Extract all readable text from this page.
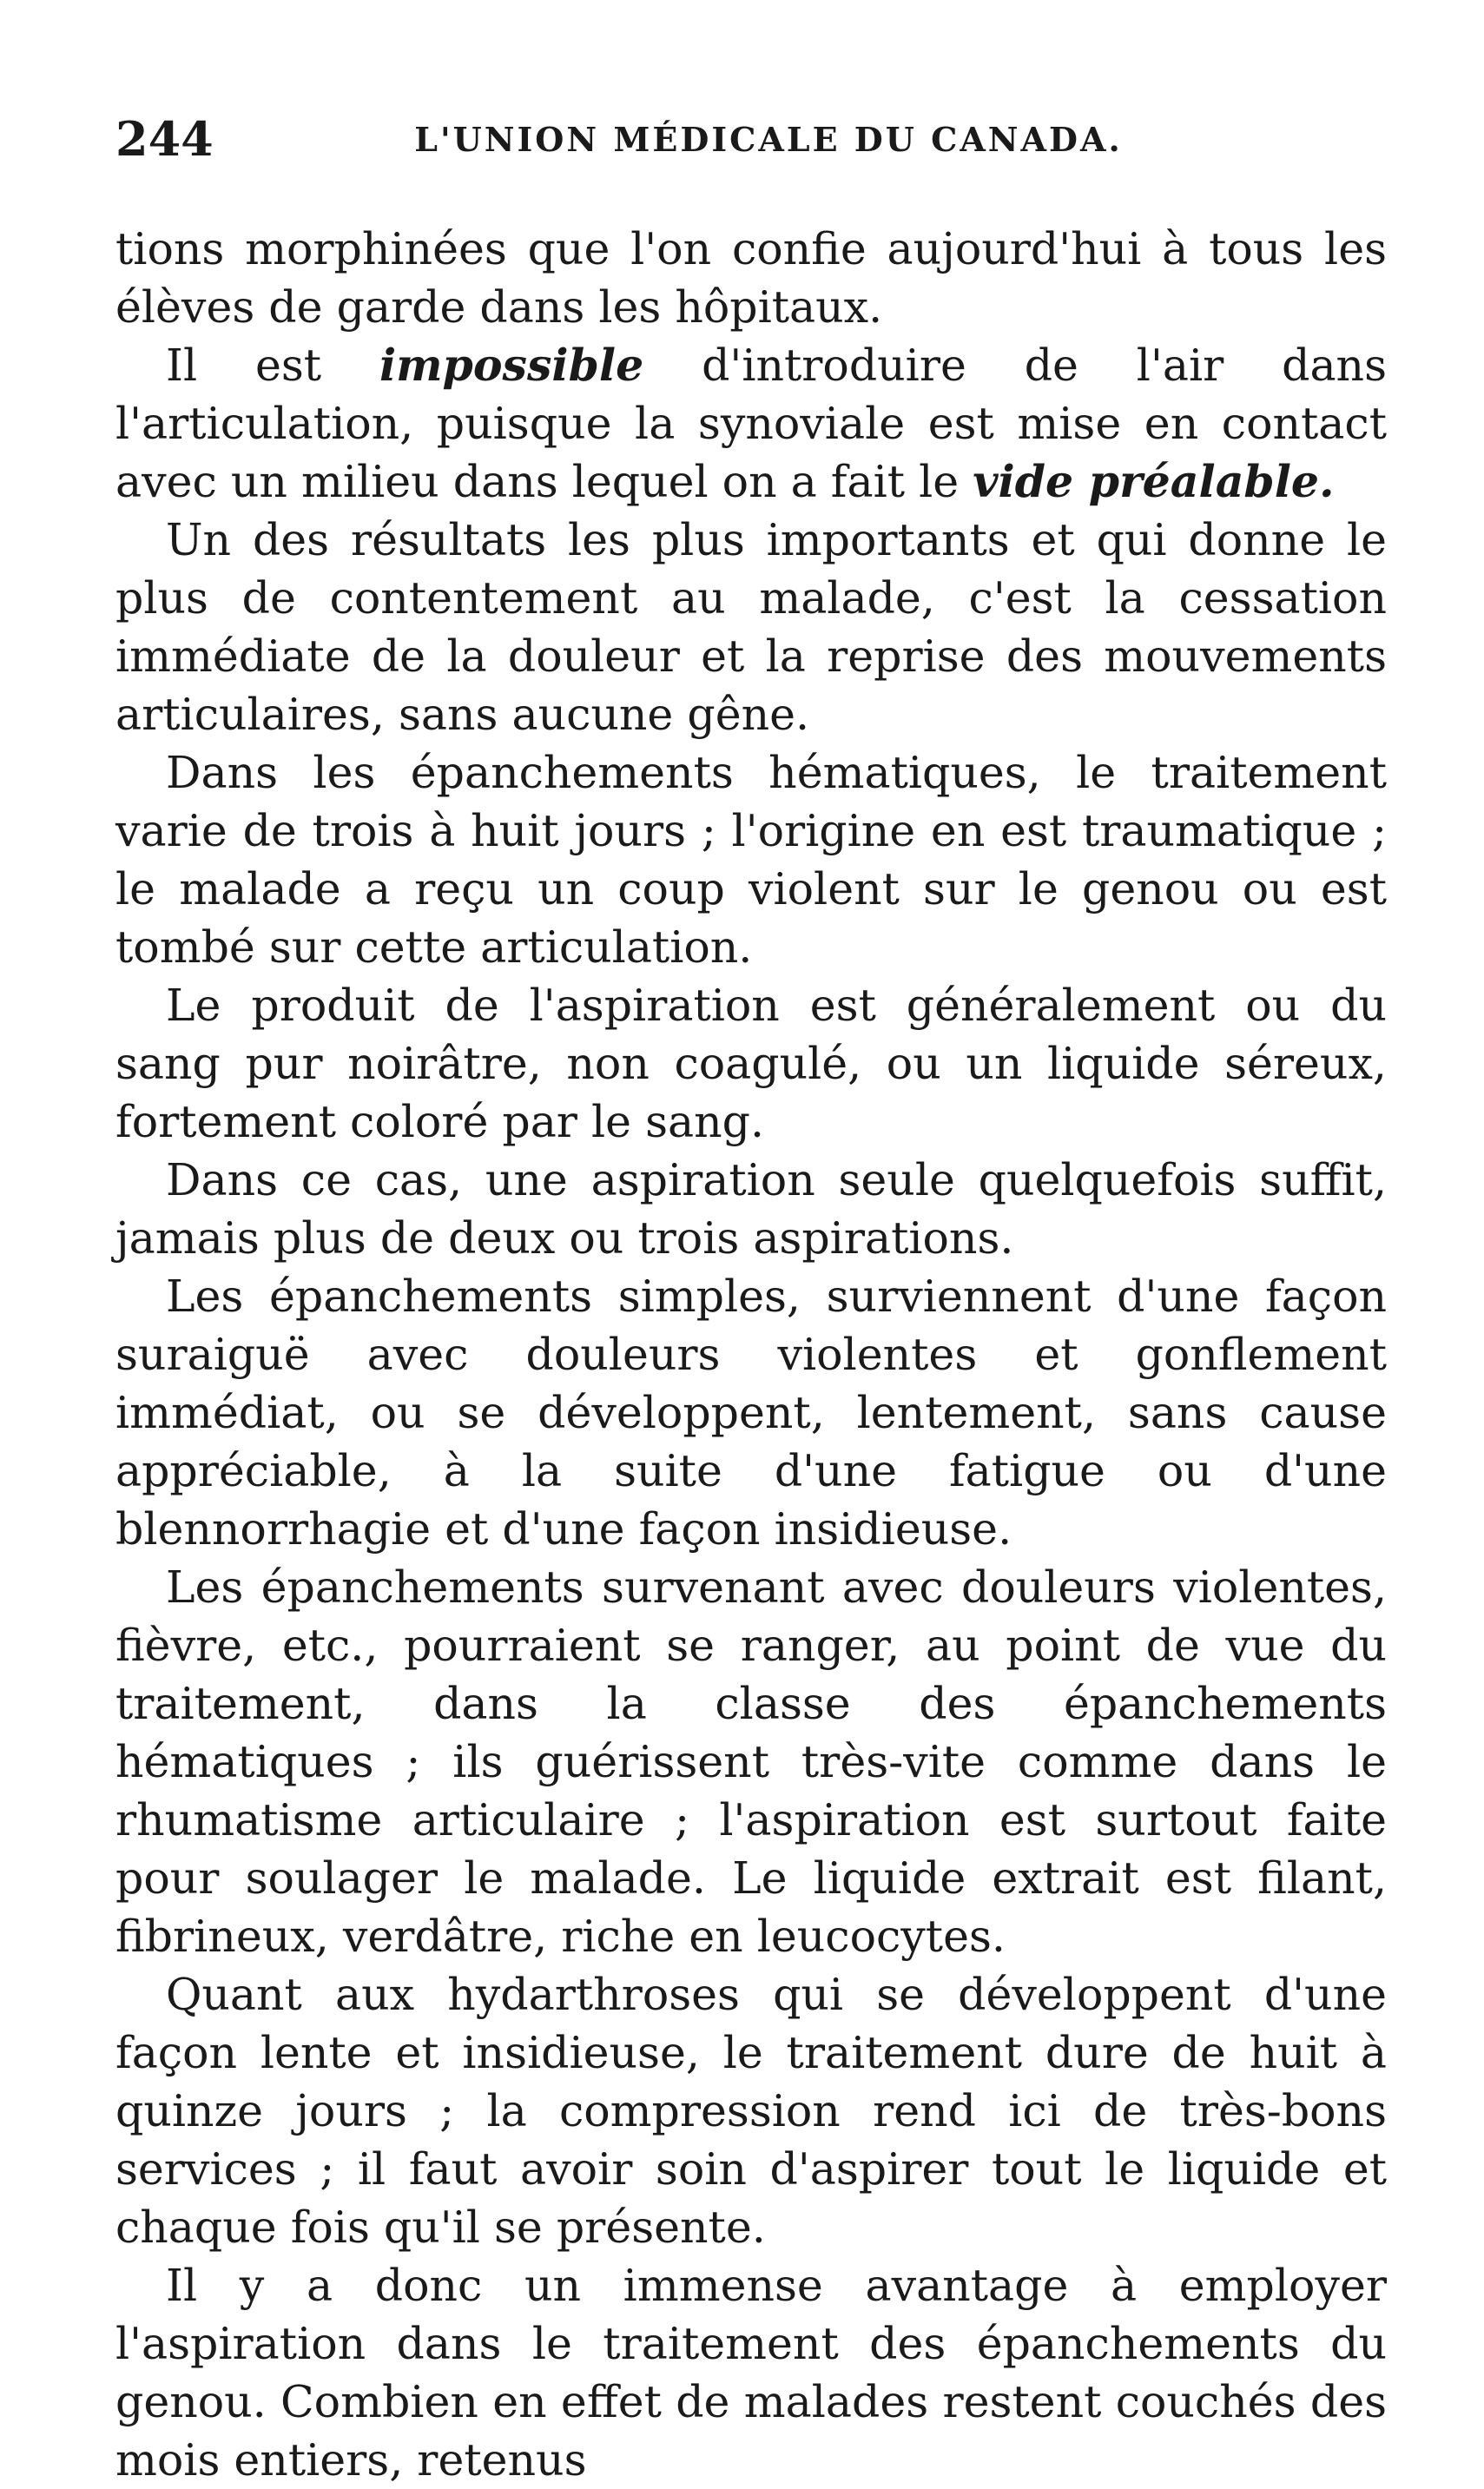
244	L'UNION MÉDICALE DU CANADA.

tions morphinées que l'on confie aujourd'hui à tous les élèves de garde dans les hôpitaux.

Il est impossible d'introduire de l'air dans l'articulation, puisque la synoviale est mise en contact avec un milieu dans lequel on a fait le vide préalable.

Un des résultats les plus importants et qui donne le plus de contentement au malade, c'est la cessation immédiate de la douleur et la reprise des mouvements articulaires, sans aucune gêne.

Dans les épanchements hématiques, le traitement varie de trois à huit jours ; l'origine en est traumatique ; le malade a reçu un coup violent sur le genou ou est tombé sur cette articulation.

Le produit de l'aspiration est généralement ou du sang pur noirâtre, non coagulé, ou un liquide séreux, fortement coloré par le sang.

Dans ce cas, une aspiration seule quelquefois suffit, jamais plus de deux ou trois aspirations.

Les épanchements simples, surviennent d'une façon suraiguë avec douleurs violentes et gonflement immédiat, ou se développent, lentement, sans cause appréciable, à la suite d'une fatigue ou d'une blennorrhagie et d'une façon insidieuse.

Les épanchements survenant avec douleurs violentes, fièvre, etc., pourraient se ranger, au point de vue du traitement, dans la classe des épanchements hématiques ; ils guérissent très-vite comme dans le rhumatisme articulaire ; l'aspiration est surtout faite pour soulager le malade. Le liquide extrait est filant, fibrineux, verdâtre, riche en leucocytes.

Quant aux hydarthroses qui se développent d'une façon lente et insidieuse, le traitement dure de huit à quinze jours ; la compression rend ici de très-bons services ; il faut avoir soin d'aspirer tout le liquide et chaque fois qu'il se présente.

Il y a donc un immense avantage à employer l'aspiration dans le traitement des épanchements du genou. Combien en effet de malades restent couchés des mois entiers, retenus
